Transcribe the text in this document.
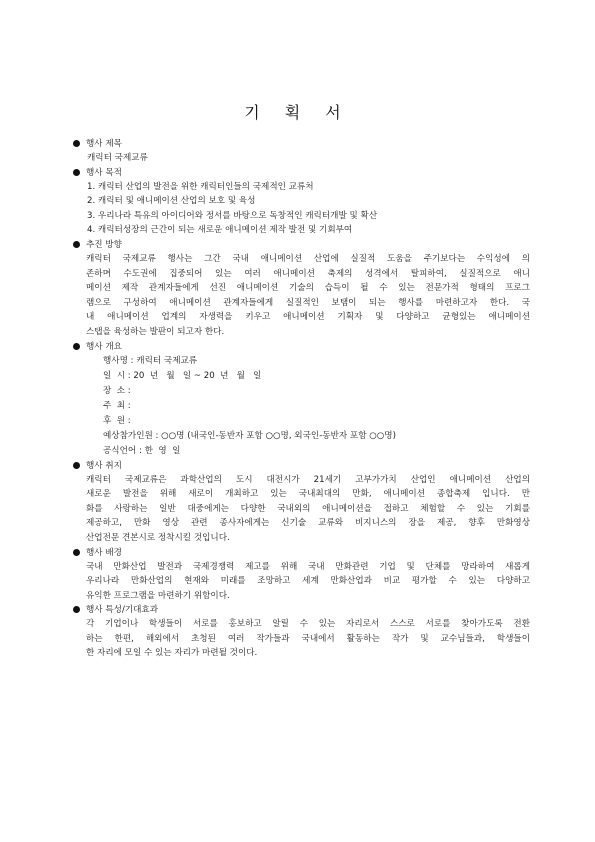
기 획 서
행사 제목
캐릭터 국제교류
행사 목적
1. 캐릭터 산업의 발전을 위한 캐릭터인들의 국제적인 교류처
2. 캐릭터 및 애니메이션 산업의 보호 및 육성
3. 우리나라 특유의 아이디어와 정서를 바탕으로 독창적인 캐릭터개발 및 확산
4. 캐릭터성장의 근간이 되는 새로운 애니메이션 제작 발전 및 기회부여
추진 방향
캐릭터 국제교류 행사는 그간 국내 애니메이션 산업에 실질적 도움을 주기보다는 수익성에 의
존하며 수도권에 집중되어 있는 여러 애니메이션 축제의 성격에서 탈피하여, 실질적으로 애니
메이션 제작 관계자들에게 선진 애니메이션 기술의 습득이 될 수 있는 전문가적 형태의 프로그
램으로 구성하여 애니메이션 관계자들에게 실질적인 보탬이 되는 행사를 마련하고자 한다. 국
내 애니메이션 업계의 자생력을 키우고 애니메이션 기획자 및 다양하고 균형있는 애니메이션
스탭을 육성하는 발판이 되고자 한다.
행사 개요
행사명 : 캐릭터 국제교류
일  시 : 20  년   월   일 ~ 20  년   월   일
장  소 :
주  최 :
후  원 :
예상참가인원 : ○○명 (내국인-동반자 포함 ○○명, 외국인-동반자 포함 ○○명)
공식언어 : 한  영  일
행사 취지
캐릭터 국제교류은 과학산업의 도시 대전시가 21세기 고부가가치 산업인 애니메이션 산업의
새로운 발전을 위해 새로이 개최하고 있는 국내최대의 만화, 애니메이션 종합축제 입니다. 만
화를 사랑하는 일반 대중에게는 다양한 국내외의 애니메이션을 접하고 체험할 수 있는 기회를
제공하고, 만화 영상 관련 종사자에게는 신기술 교류와 비지니스의 장을 제공, 향후 만화영상
산업전문 견본시로 정착시킬 것입니다.
행사 배경
국내 만화산업 발전과 국제경쟁력 제고를 위해 국내 만화관련 기업 및 단체를 망라하여 새롭게
우리나라 만화산업의 현재와 미래를 조망하고 세계 만화산업과 비교 평가할 수 있는 다양하고
유익한 프로그램을 마련하기 위함이다.
행사 특성/기대효과
각 기업이나 학생들이 서로를 홍보하고 알릴 수 있는 자리로서 스스로 서로를 찾아가도록 전환
하는 한편, 해외에서 초청된 여러 작가들과 국내에서 활동하는 작가 및 교수님들과, 학생들이
한 자리에 모일 수 있는 자리가 마련될 것이다.
